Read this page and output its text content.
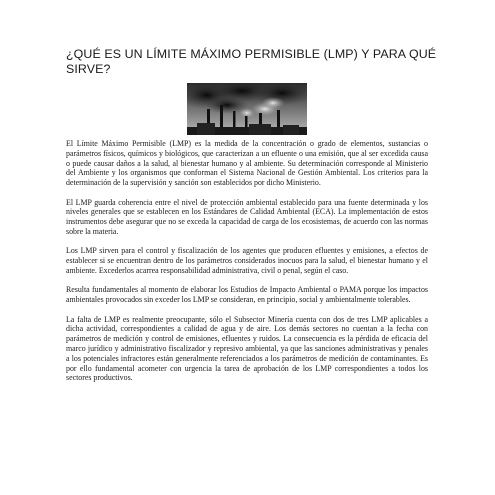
¿QUÉ ES UN LÍMITE MÁXIMO PERMISIBLE (LMP) Y PARA QUÉ SIRVE?

El Límite Máximo Permisible (LMP) es la medida de la concentración o grado de elementos, sustancias o parámetros físicos, químicos y biológicos, que caracterizan a un efluente o una emisión, que al ser excedida causa o puede causar daños a la salud, al bienestar humano y al ambiente. Su determinación corresponde al Ministerio del Ambiente y los organismos que conforman el Sistema Nacional de Gestión Ambiental. Los criterios para la determinación de la supervisión y sanción son establecidos por dicho Ministerio.

El LMP guarda coherencia entre el nivel de protección ambiental establecido para una fuente determinada y los niveles generales que se establecen en los Estándares de Calidad Ambiental (ECA). La implementación de estos instrumentos debe asegurar que no se exceda la capacidad de carga de los ecosistemas, de acuerdo con las normas sobre la materia.

Los LMP sirven para el control y fiscalización de los agentes que producen efluentes y emisiones, a efectos de establecer si se encuentran dentro de los parámetros considerados inocuos para la salud, el bienestar humano y el ambiente. Excederlos acarrea responsabilidad administrativa, civil o penal, según el caso.

Resulta fundamentales al momento de elaborar los Estudios de Impacto Ambiental o PAMA porque los impactos ambientales provocados sin exceder los LMP se consideran, en principio, social y ambientalmente tolerables.

La falta de LMP es realmente preocupante, sólo el Subsector Minería cuenta con dos de tres LMP aplicables a dicha actividad, correspondientes a calidad de agua y de aire. Los demás sectores no cuentan a la fecha con parámetros de medición y control de emisiones, efluentes y ruidos. La consecuencia es la pérdida de eficacia del marco jurídico y administrativo fiscalizador y represivo ambiental, ya que las sanciones administrativas y penales a los potenciales infractores están generalmente referenciados a los parámetros de medición de contaminantes. Es por ello fundamental acometer con urgencia la tarea de aprobación de los LMP correspondientes a todos los sectores productivos.
